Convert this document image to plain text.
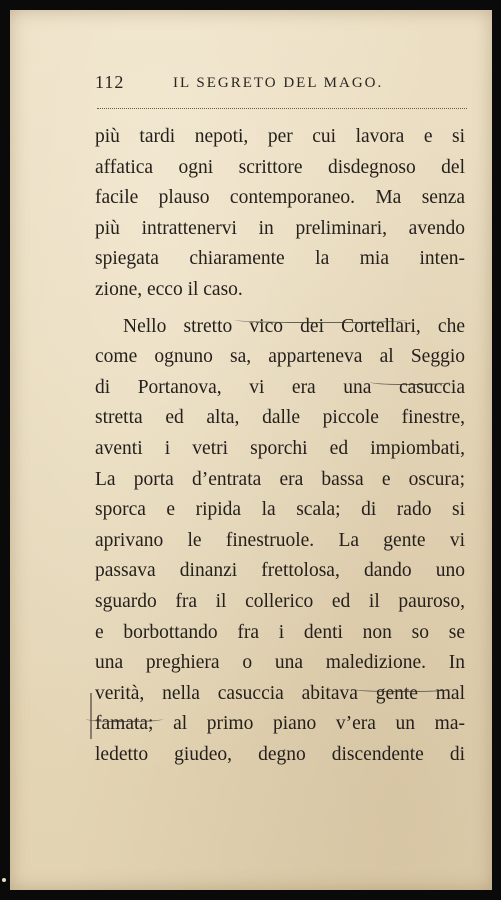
112	IL SEGRETO DEL MAGO.
più tardi nepoti, per cui lavora e si
affatica ogni scrittore disdegnoso del
facile plauso contemporaneo. Ma senza
più intrattenervi in preliminari, avendo
spiegata chiaramente la mia inten-
zione, ecco il caso.
Nello stretto vico dei Cortellari, che
come ognuno sa, apparteneva al Seggio
di Portanova, vi era una casuccia
stretta ed alta, dalle piccole finestre,
aventi i vetri sporchi ed impiombati,
La porta d’entrata era bassa e oscura;
sporca e ripida la scala; di rado si
aprivano le finestruole. La gente vi
passava dinanzi frettolosa, dando uno
sguardo fra il collerico ed il pauroso,
e borbottando fra i denti non so se
una preghiera o una maledizione. In
verità, nella casuccia abitava gente mal
famata; al primo piano v’era un ma-
ledetto giudeo, degno discendente di
